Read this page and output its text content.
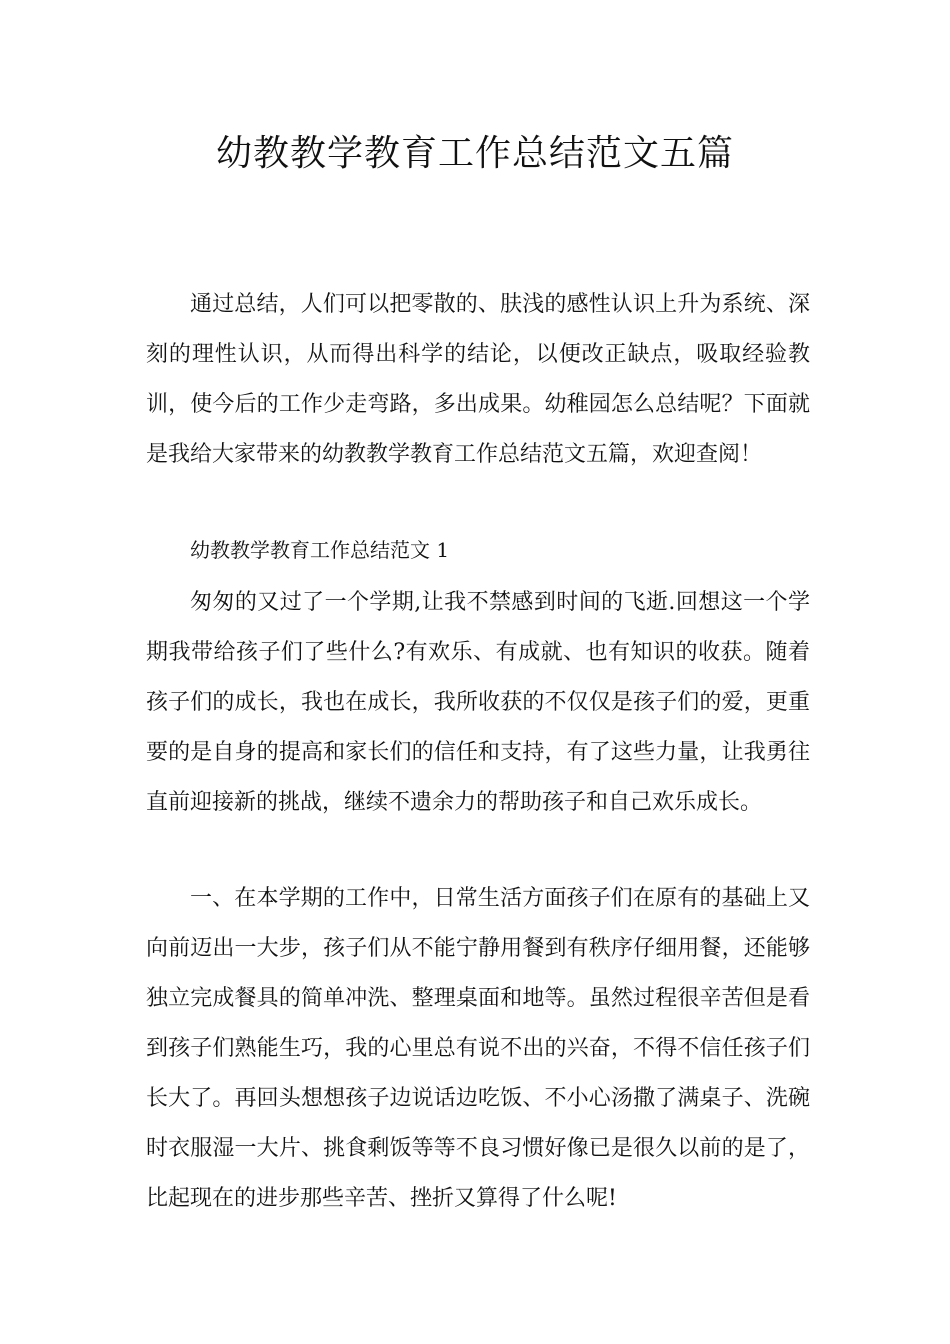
幼教教学教育工作总结范文五篇

通过总结，人们可以把零散的、肤浅的感性认识上升为系统、深刻的理性认识，从而得出科学的结论，以便改正缺点，吸取经验教训，使今后的工作少走弯路，多出成果。幼稚园怎么总结呢？下面就是我给大家带来的幼教教学教育工作总结范文五篇，欢迎查阅！

幼教教学教育工作总结范文 1

匆匆的又过了一个学期,让我不禁感到时间的飞逝.回想这一个学期我带给孩子们了些什么?有欢乐、有成就、也有知识的收获。随着孩子们的成长，我也在成长，我所收获的不仅仅是孩子们的爱，更重要的是自身的提高和家长们的信任和支持，有了这些力量，让我勇往直前迎接新的挑战，继续不遗余力的帮助孩子和自己欢乐成长。

一、在本学期的工作中，日常生活方面孩子们在原有的基础上又向前迈出一大步，孩子们从不能宁静用餐到有秩序仔细用餐，还能够独立完成餐具的简单冲洗、整理桌面和地等。虽然过程很辛苦但是看到孩子们熟能生巧，我的心里总有说不出的兴奋，不得不信任孩子们长大了。再回头想想孩子边说话边吃饭、不小心汤撒了满桌子、洗碗时衣服湿一大片、挑食剩饭等等不良习惯好像已是很久以前的是了，比起现在的进步那些辛苦、挫折又算得了什么呢!
